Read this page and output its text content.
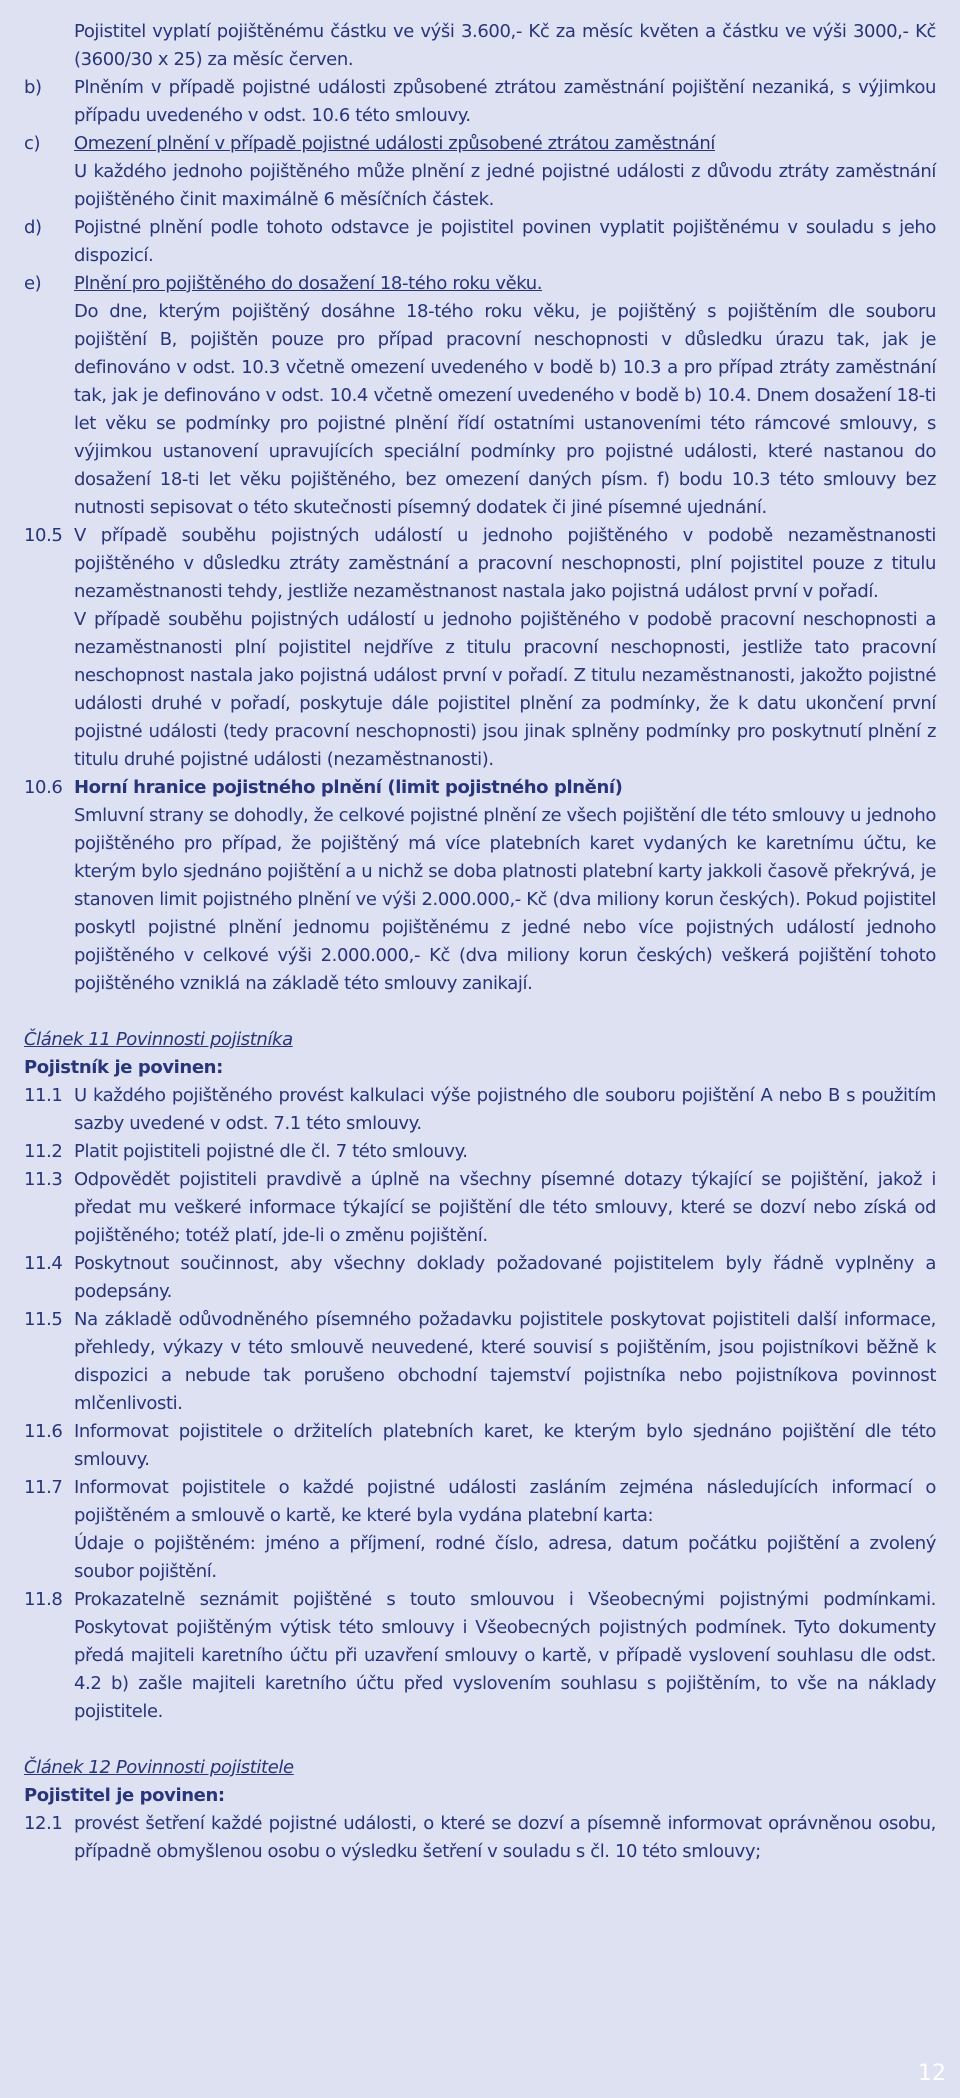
Pojistitel vyplatí pojištěnému částku ve výši 3.600,- Kč za měsíc květen a částku ve výši 3000,- Kč (3600/30 x 25) za měsíc červen.

b)	Plněním v případě pojistné události způsobené ztrátou zaměstnání pojištění nezaniká, s výjimkou případu uvedeného v odst. 10.6 této smlouvy.

c)	Omezení plnění v případě pojistné události způsobené ztrátou zaměstnání

U každého jednoho pojištěného může plnění z jedné pojistné události z důvodu ztráty zaměstnání pojištěného činit maximálně 6 měsíčních částek.

d)	Pojistné plnění podle tohoto odstavce je pojistitel povinen vyplatit pojištěnému v souladu s jeho dispozicí.

e)	Plnění pro pojištěného do dosažení 18-tého roku věku.

Do dne, kterým pojištěný dosáhne 18-tého roku věku, je pojištěný s pojištěním dle souboru pojištění B, pojištěn pouze pro případ pracovní neschopnosti v důsledku úrazu tak, jak je definováno v odst. 10.3 včetně omezení uvedeného v bodě b) 10.3 a pro případ ztráty zaměstnání tak, jak je definováno v odst. 10.4 včetně omezení uvedeného v bodě b) 10.4. Dnem dosažení 18-ti let věku se podmínky pro pojistné plnění řídí ostatními ustanoveními této rámcové smlouvy, s výjimkou ustanovení upravujících speciální podmínky pro pojistné události, které nastanou do dosažení 18-ti let věku pojištěného, bez omezení daných písm. f) bodu 10.3 této smlouvy bez nutnosti sepisovat o této skutečnosti písemný dodatek či jiné písemné ujednání.

10.5 V případě souběhu pojistných událostí u jednoho pojištěného v podobě nezaměstnanosti pojištěného v důsledku ztráty zaměstnání a pracovní neschopnosti, plní pojistitel pouze z titulu nezaměstnanosti tehdy, jestliže nezaměstnanost nastala jako pojistná událost první v pořadí.

V případě souběhu pojistných událostí u jednoho pojištěného v podobě pracovní neschopnosti a nezaměstnanosti plní pojistitel nejdříve z titulu pracovní neschopnosti, jestliže tato pracovní neschopnost nastala jako pojistná událost první v pořadí. Z titulu nezaměstnanosti, jakožto pojistné události druhé v pořadí, poskytuje dále pojistitel plnění za podmínky, že k datu ukončení první pojistné události (tedy pracovní neschopnosti) jsou jinak splněny podmínky pro poskytnutí plnění z titulu druhé pojistné události (nezaměstnanosti).

10.6 Horní hranice pojistného plnění (limit pojistného plnění)

Smluvní strany se dohodly, že celkové pojistné plnění ze všech pojištění dle této smlouvy u jednoho pojištěného pro případ, že pojištěný má více platebních karet vydaných ke karetnímu účtu, ke kterým bylo sjednáno pojištění a u nichž se doba platnosti platební karty jakkoli časově překrývá, je stanoven limit pojistného plnění ve výši 2.000.000,- Kč (dva miliony korun českých). Pokud pojistitel poskytl pojistné plnění jednomu pojištěnému z jedné nebo více pojistných událostí jednoho pojištěného v celkové výši 2.000.000,- Kč (dva miliony korun českých) veškerá pojištění tohoto pojištěného vzniklá na základě této smlouvy zanikají.

Článek 11 Povinnosti pojistníka

Pojistník je povinen:

11.1 U každého pojištěného provést kalkulaci výše pojistného dle souboru pojištění A nebo B s použitím sazby uvedené v odst. 7.1 této smlouvy.

11.2 Platit pojistiteli pojistné dle čl. 7 této smlouvy.

11.3 Odpovědět pojistiteli pravdivě a úplně na všechny písemné dotazy týkající se pojištění, jakož i předat mu veškeré informace týkající se pojištění dle této smlouvy, které se dozví nebo získá od pojištěného; totéž platí, jde-li o změnu pojištění.

11.4 Poskytnout součinnost, aby všechny doklady požadované pojistitelem byly řádně vyplněny a podepsány.

11.5 Na základě odůvodněného písemného požadavku pojistitele poskytovat pojistiteli další informace, přehledy, výkazy v této smlouvě neuvedené, které souvisí s pojištěním, jsou pojistníkovi běžně k dispozici a nebude tak porušeno obchodní tajemství pojistníka nebo pojistníkova povinnost mlčenlivosti.

11.6 Informovat pojistitele o držitelích platebních karet, ke kterým bylo sjednáno pojištění dle této smlouvy.

11.7 Informovat pojistitele o každé pojistné události zasláním zejména následujících informací o pojištěném a smlouvě o kartě, ke které byla vydána platební karta:

Údaje o pojištěném: jméno a příjmení, rodné číslo, adresa, datum počátku pojištění a zvolený soubor pojištění.

11.8 Prokazatelně seznámit pojištěné s touto smlouvou i Všeobecnými pojistnými podmínkami. Poskytovat pojištěným výtisk této smlouvy i Všeobecných pojistných podmínek. Tyto dokumenty předá majiteli karetního účtu při uzavření smlouvy o kartě, v případě vyslovení souhlasu dle odst. 4.2 b) zašle majiteli karetního účtu před vyslovením souhlasu s pojištěním, to vše na náklady pojistitele.

Článek 12 Povinnosti pojistitele

Pojistitel je povinen:

12.1 provést šetření každé pojistné události, o které se dozví a písemně informovat oprávněnou osobu, případně obmyšlenou osobu o výsledku šetření v souladu s čl. 10 této smlouvy;

12
